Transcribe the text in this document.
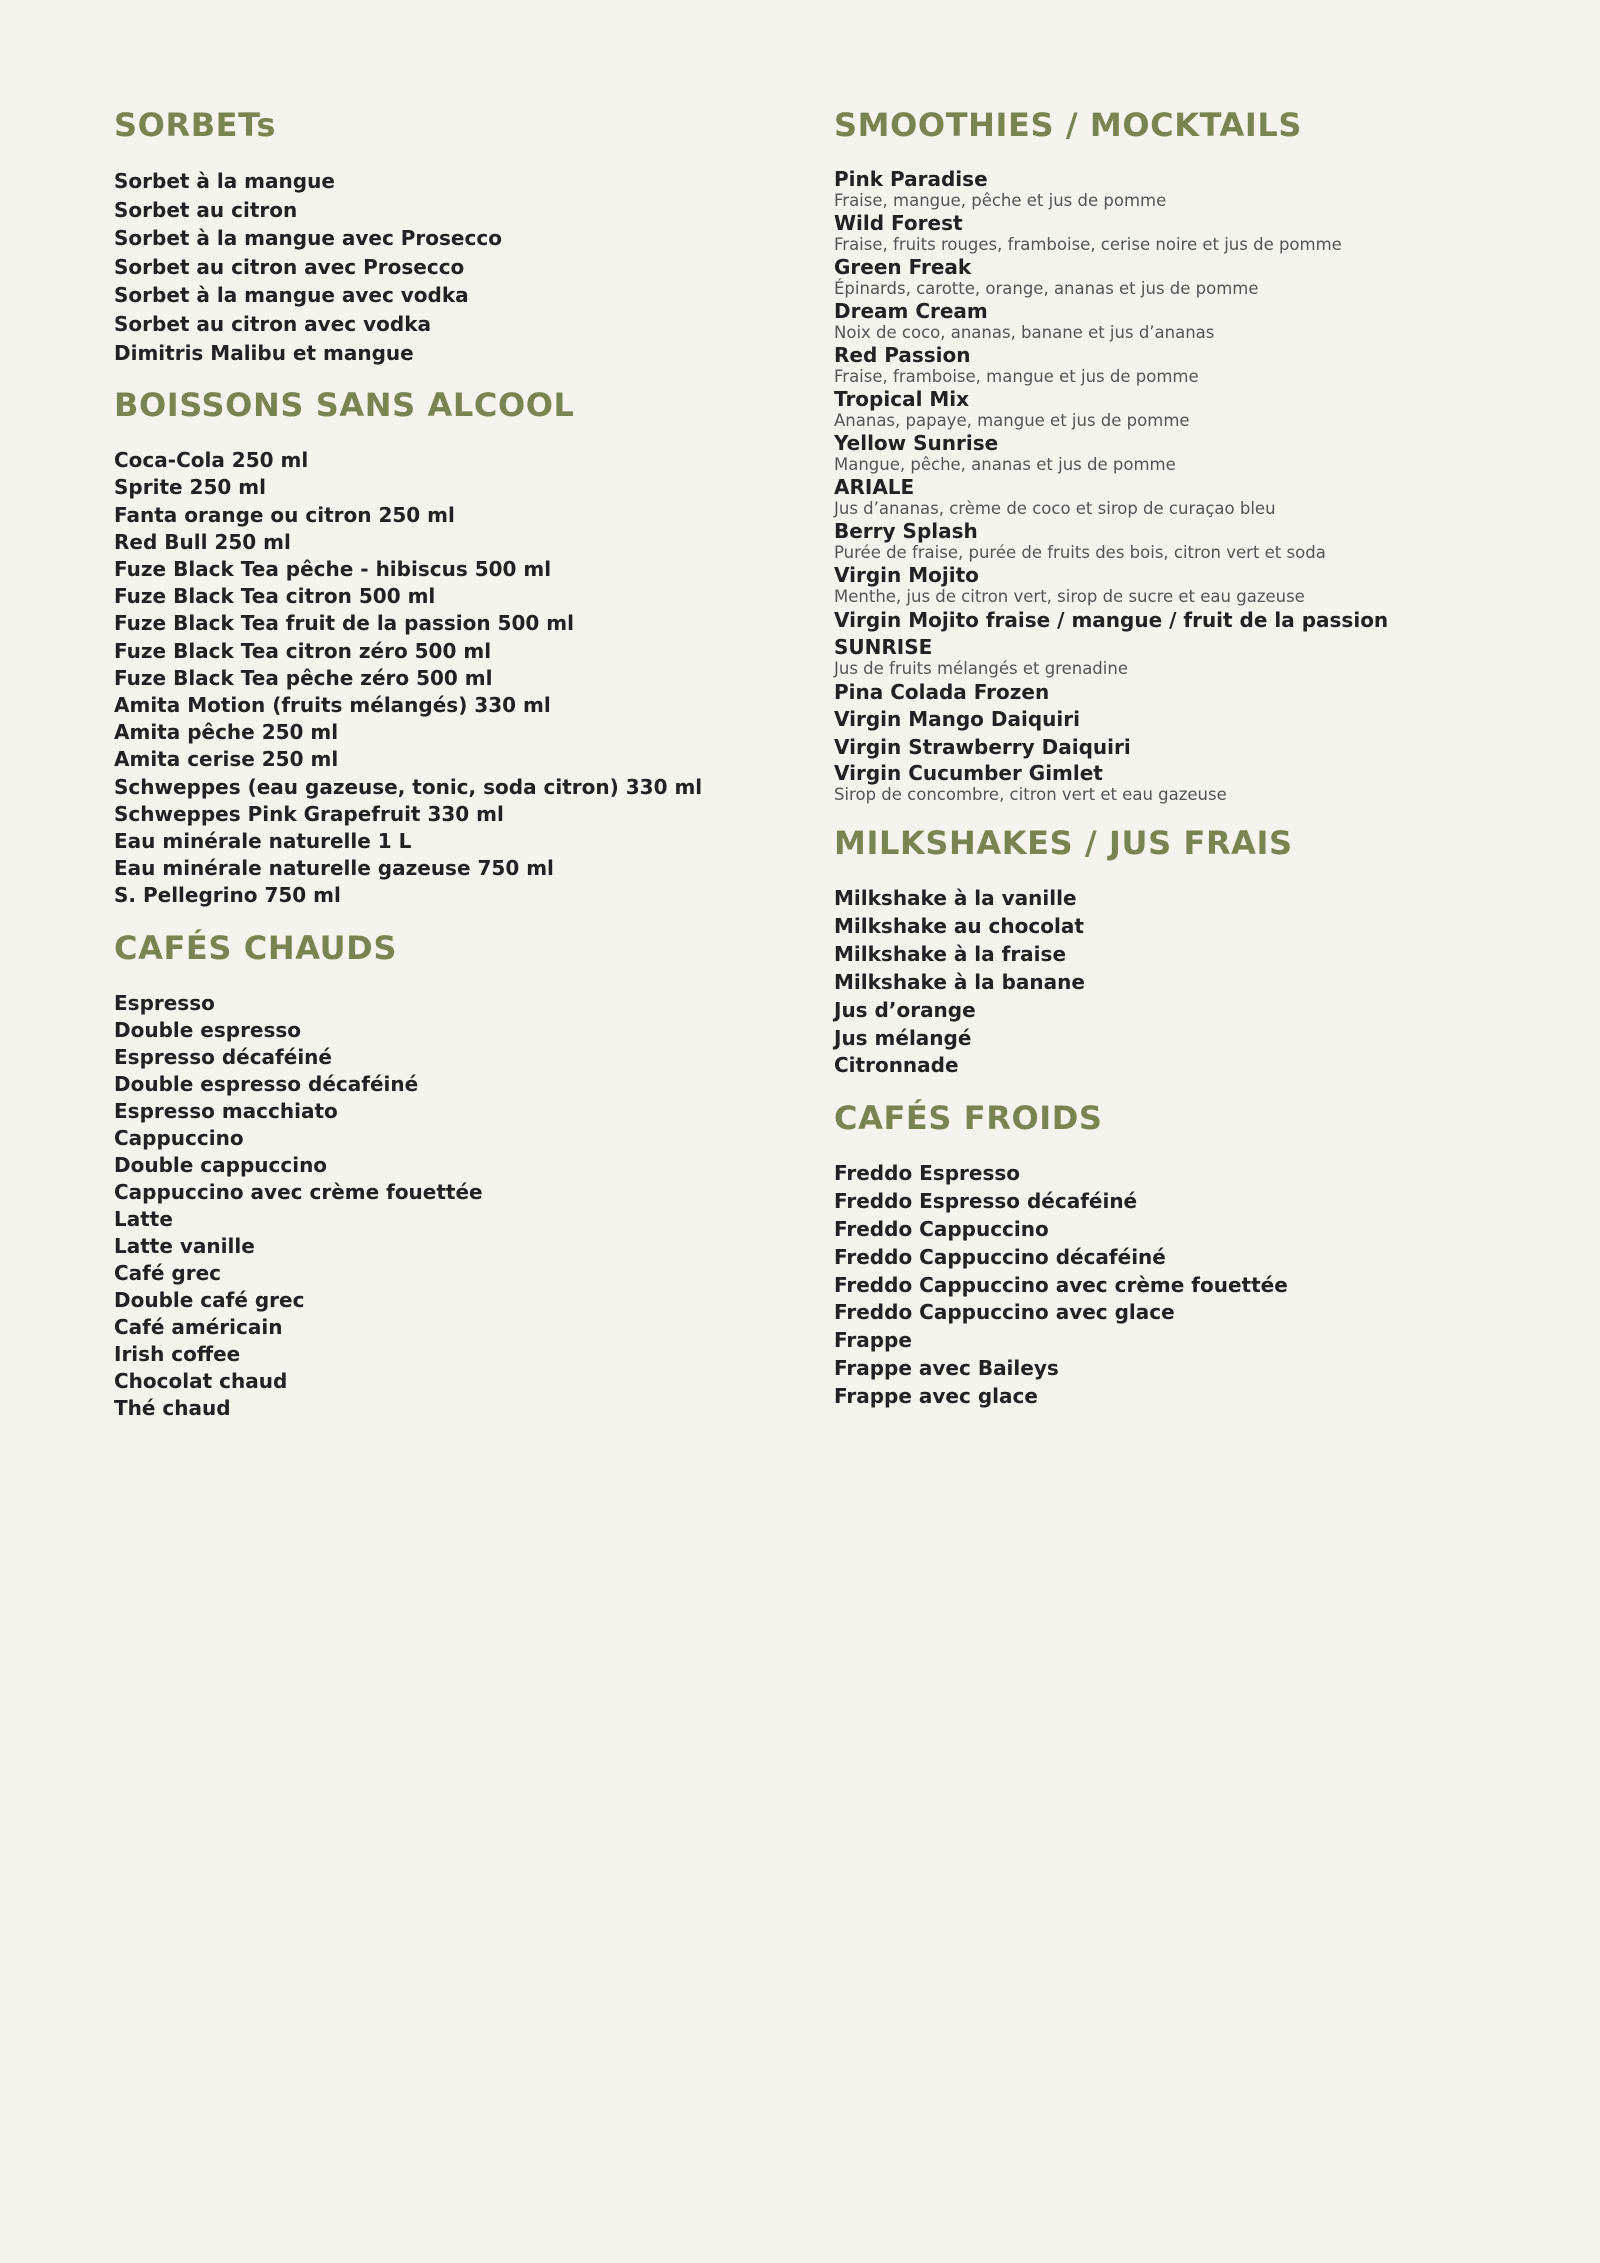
SORBETs
Sorbet à la mangue
Sorbet au citron
Sorbet à la mangue avec Prosecco
Sorbet au citron avec Prosecco
Sorbet à la mangue avec vodka
Sorbet au citron avec vodka
Dimitris Malibu et mangue
BOISSONS SANS ALCOOL
Coca-Cola 250 ml
Sprite 250 ml
Fanta orange ou citron 250 ml
Red Bull 250 ml
Fuze Black Tea pêche - hibiscus 500 ml
Fuze Black Tea citron 500 ml
Fuze Black Tea fruit de la passion 500 ml
Fuze Black Tea citron zéro 500 ml
Fuze Black Tea pêche zéro 500 ml
Amita Motion (fruits mélangés) 330 ml
Amita pêche 250 ml
Amita cerise 250 ml
Schweppes (eau gazeuse, tonic, soda citron) 330 ml
Schweppes Pink Grapefruit 330 ml
Eau minérale naturelle 1 L
Eau minérale naturelle gazeuse 750 ml
S. Pellegrino 750 ml
CAFÉS CHAUDS
Espresso
Double espresso
Espresso décaféiné
Double espresso décaféiné
Espresso macchiato
Cappuccino
Double cappuccino
Cappuccino avec crème fouettée
Latte
Latte vanille
Café grec
Double café grec
Café américain
Irish coffee
Chocolat chaud
Thé chaud
SMOOTHIES / MOCKTAILS
Pink Paradise
Fraise, mangue, pêche et jus de pomme
Wild Forest
Fraise, fruits rouges, framboise, cerise noire et jus de pomme
Green Freak
Épinards, carotte, orange, ananas et jus de pomme
Dream Cream
Noix de coco, ananas, banane et jus d’ananas
Red Passion
Fraise, framboise, mangue et jus de pomme
Tropical Mix
Ananas, papaye, mangue et jus de pomme
Yellow Sunrise
Mangue, pêche, ananas et jus de pomme
ARIALE
Jus d’ananas, crème de coco et sirop de curaçao bleu
Berry Splash
Purée de fraise, purée de fruits des bois, citron vert et soda
Virgin Mojito
Menthe, jus de citron vert, sirop de sucre et eau gazeuse
Virgin Mojito fraise / mangue / fruit de la passion
SUNRISE
Jus de fruits mélangés et grenadine
Pina Colada Frozen
Virgin Mango Daiquiri
Virgin Strawberry Daiquiri
Virgin Cucumber Gimlet
Sirop de concombre, citron vert et eau gazeuse
MILKSHAKES / JUS FRAIS
Milkshake à la vanille
Milkshake au chocolat
Milkshake à la fraise
Milkshake à la banane
Jus d’orange
Jus mélangé
Citronnade
CAFÉS FROIDS
Freddo Espresso
Freddo Espresso décaféiné
Freddo Cappuccino
Freddo Cappuccino décaféiné
Freddo Cappuccino avec crème fouettée
Freddo Cappuccino avec glace
Frappe
Frappe avec Baileys
Frappe avec glace
